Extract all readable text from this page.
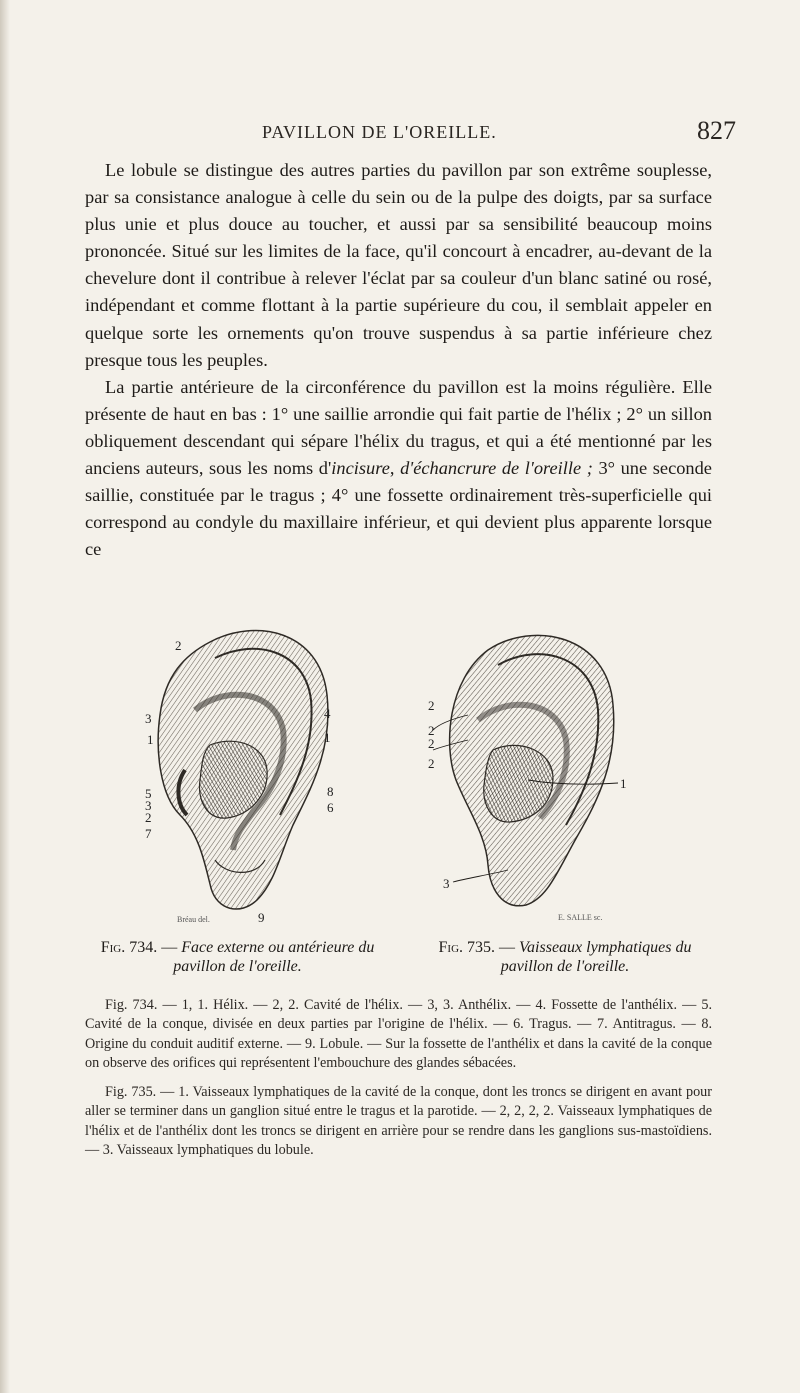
PAVILLON DE L'OREILLE.	827

Le lobule se distingue des autres parties du pavillon par son extrême souplesse, par sa consistance analogue à celle du sein ou de la pulpe des doigts, par sa surface plus unie et plus douce au toucher, et aussi par sa sensibilité beaucoup moins prononcée. Situé sur les limites de la face, qu'il concourt à encadrer, au-devant de la chevelure dont il contribue à relever l'éclat par sa couleur d'un blanc satiné ou rosé, indépendant et comme flottant à la partie supérieure du cou, il semblait appeler en quelque sorte les ornements qu'on trouve suspendus à sa partie inférieure chez presque tous les peuples.

La partie antérieure de la circonférence du pavillon est la moins régulière. Elle présente de haut en bas : 1° une saillie arrondie qui fait partie de l'hélix ; 2° un sillon obliquement descendant qui sépare l'hélix du tragus, et qui a été mentionné par les anciens auteurs, sous les noms d'incisure, d'échancrure de l'oreille ; 3° une seconde saillie, constituée par le tragus ; 4° une fossette ordinairement très-superficielle qui correspond au condyle du maxillaire inférieur, et qui devient plus apparente lorsque ce

2
3
1
4
1
5
3
2
7
8
6
9
Bréau del.
2
2
2
2
1
3
E. SALLE sc.
Fig. 734. — Face externe ou antérieure du pavillon de l'oreille.
Fig. 735. — Vaisseaux lymphatiques du pavillon de l'oreille.

Fig. 734. — 1, 1. Hélix. — 2, 2. Cavité de l'hélix. — 3, 3. Anthélix. — 4. Fossette de l'anthélix. — 5. Cavité de la conque, divisée en deux parties par l'origine de l'hélix. — 6. Tragus. — 7. Antitragus. — 8. Origine du conduit auditif externe. — 9. Lobule. — Sur la fossette de l'anthélix et dans la cavité de la conque on observe des orifices qui représentent l'embouchure des glandes sébacées.

Fig. 735. — 1. Vaisseaux lymphatiques de la cavité de la conque, dont les troncs se dirigent en avant pour aller se terminer dans un ganglion situé entre le tragus et la parotide. — 2, 2, 2, 2. Vaisseaux lymphatiques de l'hélix et de l'anthélix dont les troncs se dirigent en arrière pour se rendre dans les ganglions sus-mastoïdiens. — 3. Vaisseaux lymphatiques du lobule.
